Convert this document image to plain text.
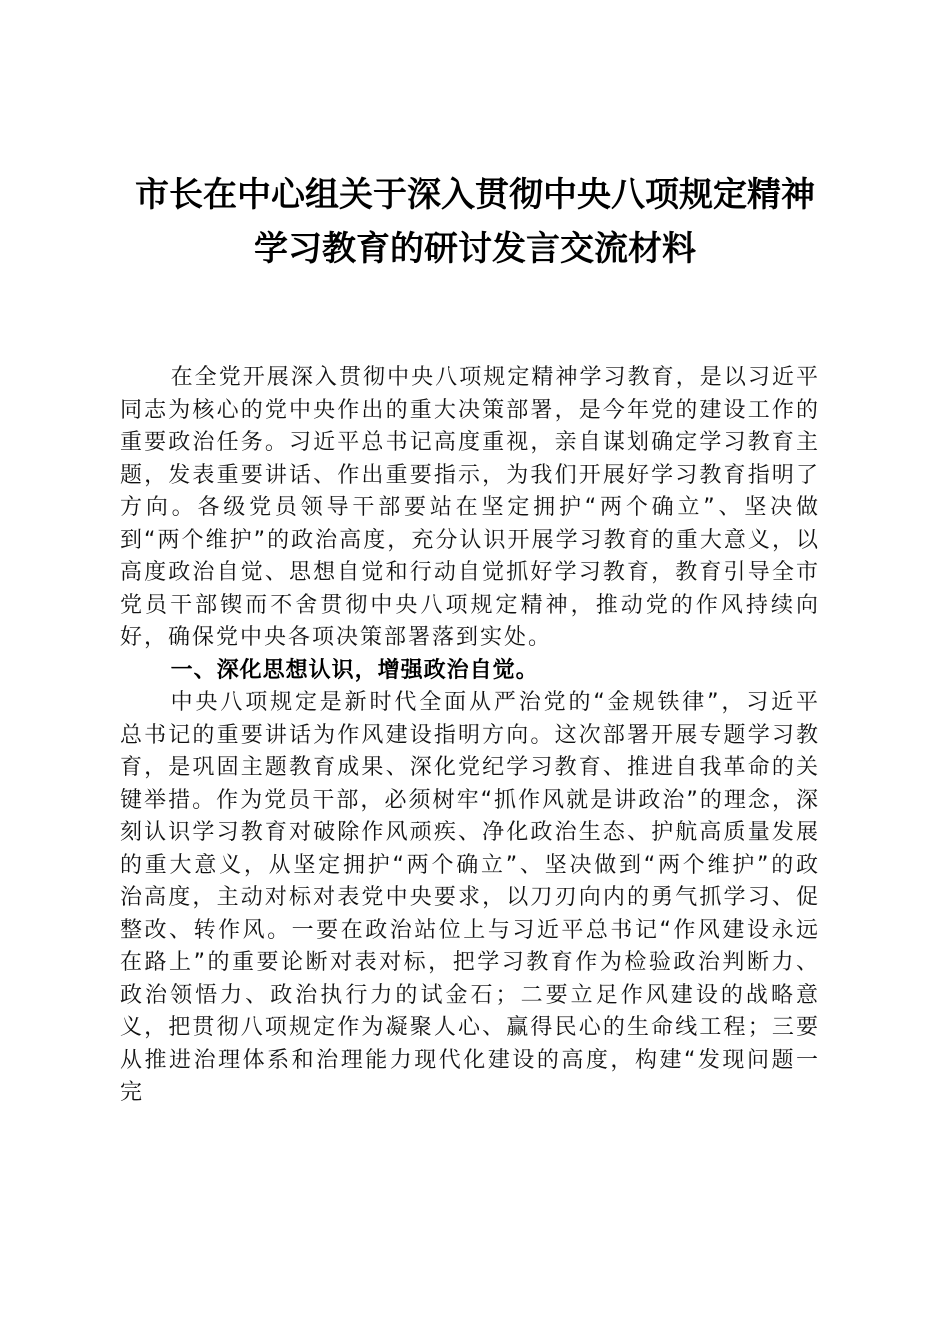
市长在中心组关于深入贯彻中央八项规定精神
学习教育的研讨发言交流材料

在全党开展深入贯彻中央八项规定精神学习教育，是以习近平同志为核心的党中央作出的重大决策部署，是今年党的建设工作的重要政治任务。习近平总书记高度重视，亲自谋划确定学习教育主题，发表重要讲话、作出重要指示，为我们开展好学习教育指明了方向。各级党员领导干部要站在坚定拥护“两个确立”、坚决做到“两个维护”的政治高度，充分认识开展学习教育的重大意义，以高度政治自觉、思想自觉和行动自觉抓好学习教育，教育引导全市党员干部锲而不舍贯彻中央八项规定精神，推动党的作风持续向好，确保党中央各项决策部署落到实处。

一、深化思想认识，增强政治自觉。

中央八项规定是新时代全面从严治党的“金规铁律”，习近平总书记的重要讲话为作风建设指明方向。这次部署开展专题学习教育，是巩固主题教育成果、深化党纪学习教育、推进自我革命的关键举措。作为党员干部，必须树牢“抓作风就是讲政治”的理念，深刻认识学习教育对破除作风顽疾、净化政治生态、护航高质量发展的重大意义，从坚定拥护“两个确立”、坚决做到“两个维护”的政治高度，主动对标对表党中央要求，以刀刃向内的勇气抓学习、促整改、转作风。一要在政治站位上与习近平总书记“作风建设永远在路上”的重要论断对表对标，把学习教育作为检验政治判断力、政治领悟力、政治执行力的试金石；二要立足作风建设的战略意义，把贯彻八项规定作为凝聚人心、赢得民心的生命线工程；三要从推进治理体系和治理能力现代化建设的高度，构建“发现问题一完
